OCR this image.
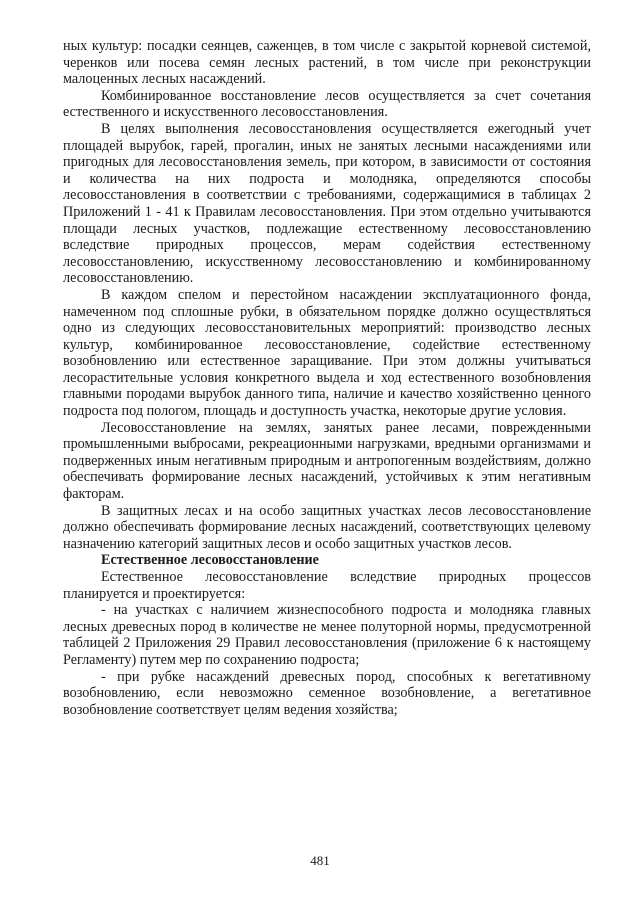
ных культур: посадки сеянцев, саженцев, в том числе с закрытой корневой системой, черенков или посева семян лесных растений, в том числе при реконструкции малоценных лесных насаждений.

Комбинированное восстановление лесов осуществляется за счет сочетания естественного и искусственного лесовосстановления.

В целях выполнения лесовосстановления осуществляется ежегодный учет площадей вырубок, гарей, прогалин, иных не занятых лесными насаждениями или пригодных для лесовосстановления земель, при котором, в зависимости от состояния и количества на них подроста и молодняка, определяются способы лесовосстановления в соответствии с требованиями, содержащимися в таблицах 2 Приложений 1 - 41 к Правилам лесовосстановления. При этом отдельно учитываются площади лесных участков, подлежащие естественному лесовосстановлению вследствие природных процессов, мерам содействия естественному лесовосстановлению, искусственному лесовосстановлению и комбинированному лесовосстановлению.

В каждом спелом и перестойном насаждении эксплуатационного фонда, намеченном под сплошные рубки, в обязательном порядке должно осуществляться одно из следующих лесовосстановительных мероприятий: производство лесных культур, комбинированное лесовосстановление, содействие естественному возобновлению или естественное заращивание. При этом должны учитываться лесорастительные условия конкретного выдела и ход естественного возобновления главными породами вырубок данного типа, наличие и качество хозяйственно ценного подроста под пологом, площадь и доступность участка, некоторые другие условия.

Лесовосстановление на землях, занятых ранее лесами, поврежденными промышленными выбросами, рекреационными нагрузками, вредными организмами и подверженных иным негативным природным и антропогенным воздействиям, должно обеспечивать формирование лесных насаждений, устойчивых к этим негативным факторам.

В защитных лесах и на особо защитных участках лесов лесовосстановление должно обеспечивать формирование лесных насаждений, соответствующих целевому назначению категорий защитных лесов и особо защитных участков лесов.

Естественное лесовосстановление

Естественное лесовосстановление вследствие природных процессов планируется и проектируется:

- на участках с наличием жизнеспособного подроста и молодняка главных лесных древесных пород в количестве не менее полуторной нормы, предусмотренной таблицей 2 Приложения 29 Правил лесовосстановления (приложение 6 к настоящему Регламенту) путем мер по сохранению подроста;

- при рубке насаждений древесных пород, способных к вегетативному возобновлению, если невозможно семенное возобновление, а вегетативное возобновление соответствует целям ведения хозяйства;

481
